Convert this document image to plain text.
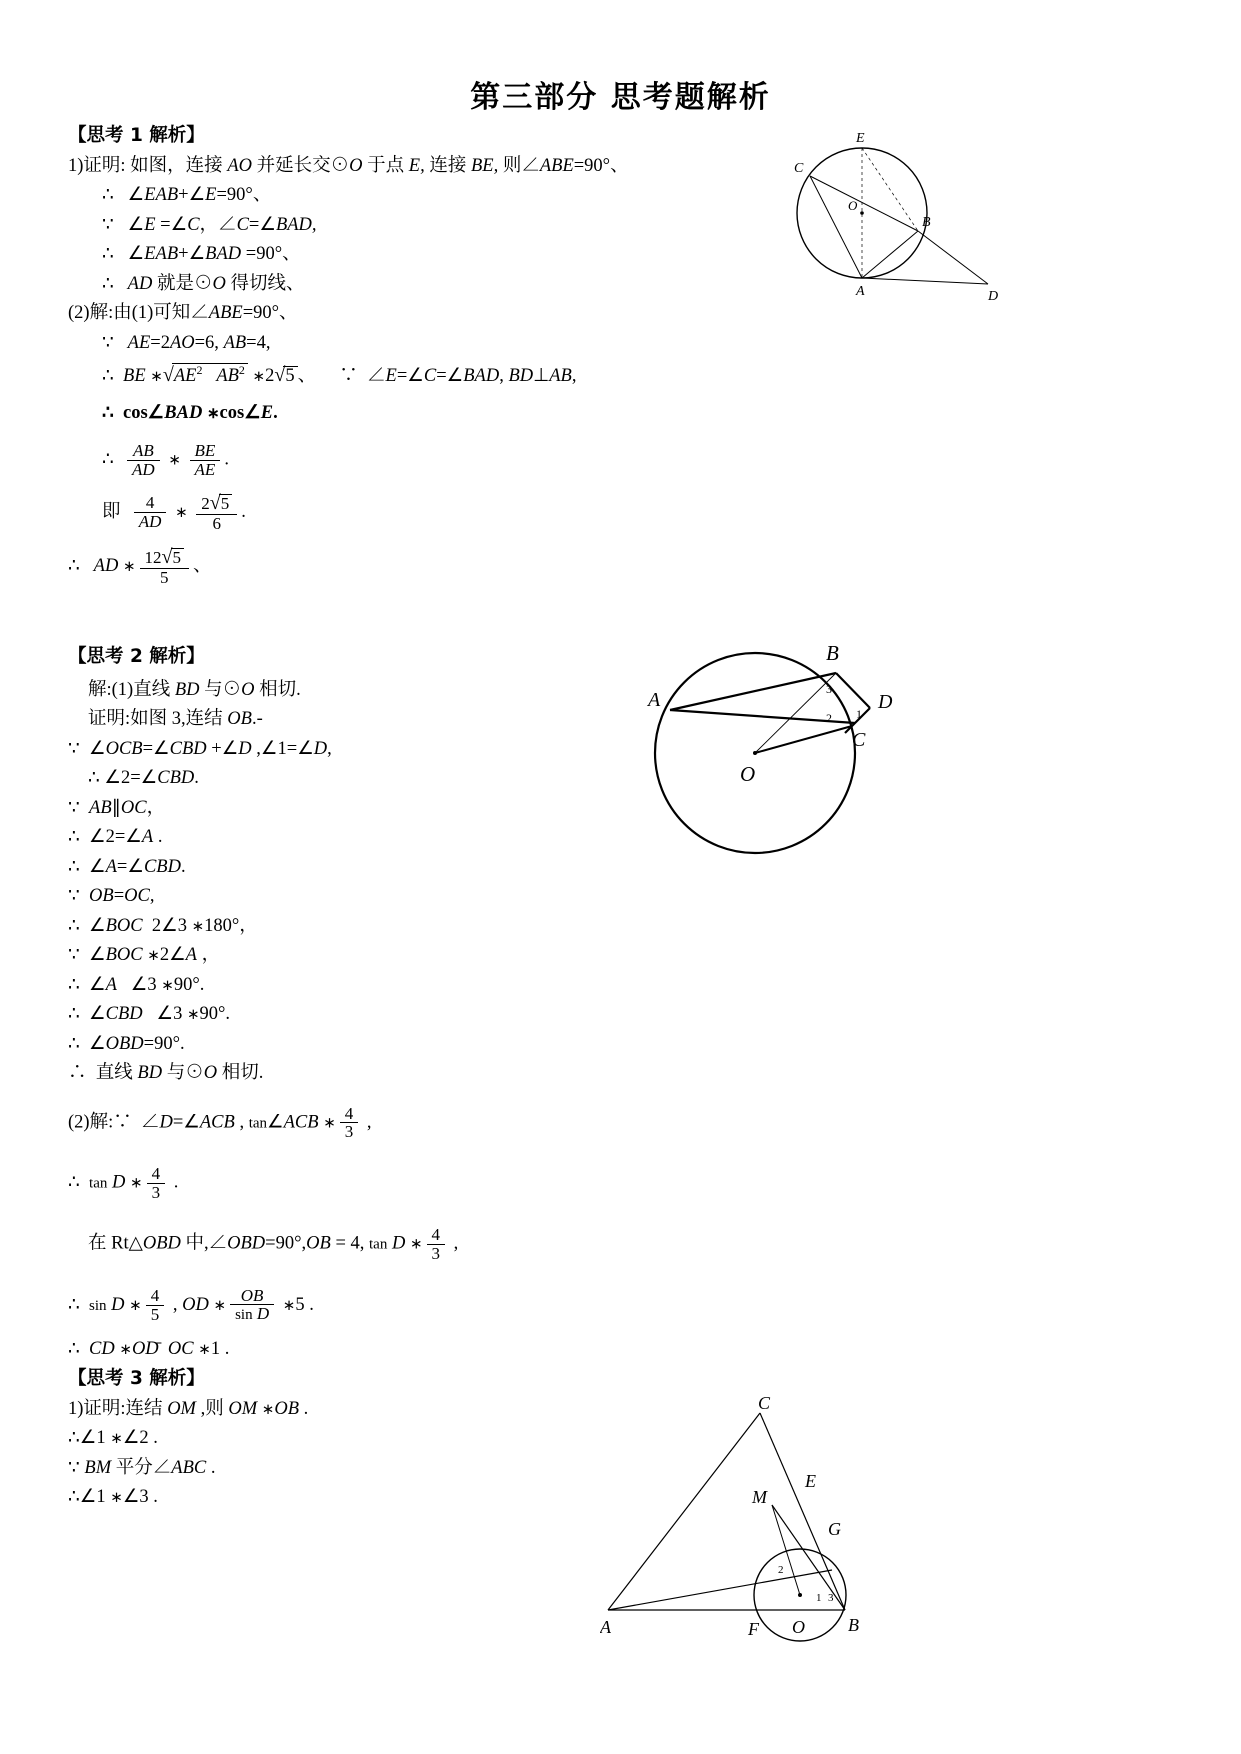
第三部分 思考题解析
【思考 1 解析】
1)证明: 如图，连接 AO 并延长交⊙O 于点 E, 连接 BE, 则∠ABE=90°、
∴   ∠EAB+∠E=90°、
∵   ∠E =∠C，∠C=∠BAD,
∴   ∠EAB+∠BAD =90°、
∴   AD 就是⊙O 得切线、
(2)解:由(1)可知∠ABE=90°、
∵   AE=2AO=6, AB=4,
∴  BE $∗√AE^2$ $AB^2$ ∗2√5 、     ∵  ∠E=∠C=∠BAD, BD⊥AB,
∴  cos∠BAD ∗cos∠E.
∴ $\frac{AB}{AD}$ ∗ $\frac{BE}{AE}$ .
即 $\frac{4}{AD}$ ∗ $\frac{2√5}{6}$ .
∴   AD ∗ $\frac{12√5}{5}$ 、
E
C
O
B
A	D
【思考 2 解析】
解:(1)直线 BD 与⊙O 相切.
证明:如图 3,连结 OB.-
∵  ∠OCB=∠CBD +∠D ,∠1=∠D,
∴ ∠2=∠CBD.
∵  AB∥OC，
∴  ∠2=∠A .
∴  ∠A=∠CBD.
∵  OB=OC,
∴  ∠BOC  2∠3 ∗180°，
∵  ∠BOC ∗2∠A ，
∴  ∠A   ∠3 ∗90°.
∴  ∠CBD   ∠3 ∗90°.
∴  ∠OBD=90°.
∴  直线 BD 与⊙O 相切.
(2)解:∵  ∠D=∠ACB , tan∠ACB ∗ $\frac{4}{3}$ ,
∴  tan D ∗ $\frac{4}{3}$ .
在 Rt△OBD 中,∠OBD=90°,OB = 4, tan D ∗ $\frac{4}{3}$ ,
∴  sin D ∗ $\frac{4}{5}$ , OD ∗ $\frac{OB}{\text{sin D}}$ ∗5 .
∴  CD ∗OD̄  OC ∗1 .
B
A	D
C
O
3
1
2
【思考 3 解析】
1)证明:连结 OM ,则 OM ∗OB .
∴∠1 ∗∠2 .
∵ BM 平分∠ABC .
∴∠1 ∗∠3 .
C
M
E
G
A	F O B
2
1 3
